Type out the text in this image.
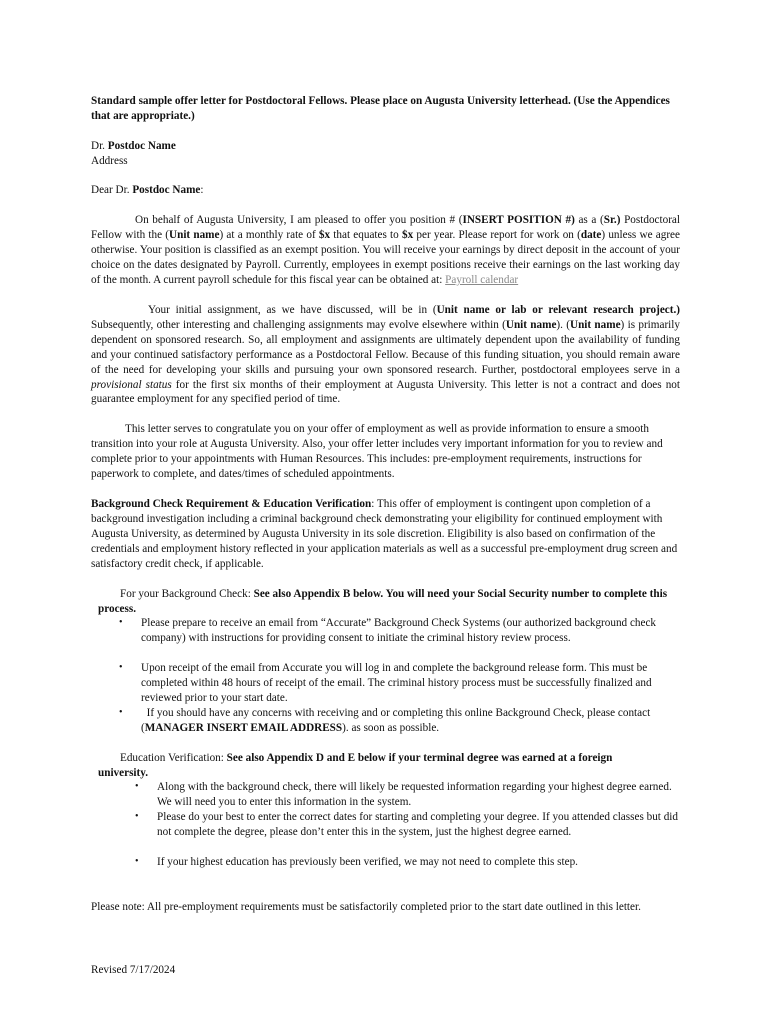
Standard sample offer letter for Postdoctoral Fellows. Please place on Augusta University letterhead. (Use the Appendices that are appropriate.)

Dr. Postdoc Name
Address

Dear Dr. Postdoc Name:

On behalf of Augusta University, I am pleased to offer you position # (INSERT POSITION #) as a (Sr.) Postdoctoral Fellow with the (Unit name) at a monthly rate of $x that equates to $x per year. Please report for work on (date) unless we agree otherwise. Your position is classified as an exempt position. You will receive your earnings by direct deposit in the account of your choice on the dates designated by Payroll. Currently, employees in exempt positions receive their earnings on the last working day of the month. A current payroll schedule for this fiscal year can be obtained at: Payroll calendar

Your initial assignment, as we have discussed, will be in (Unit name or lab or relevant research project.) Subsequently, other interesting and challenging assignments may evolve elsewhere within (Unit name). (Unit name) is primarily dependent on sponsored research. So, all employment and assignments are ultimately dependent upon the availability of funding and your continued satisfactory performance as a Postdoctoral Fellow. Because of this funding situation, you should remain aware of the need for developing your skills and pursuing your own sponsored research. Further, postdoctoral employees serve in a provisional status for the first six months of their employment at Augusta University. This letter is not a contract and does not guarantee employment for any specified period of time.

This letter serves to congratulate you on your offer of employment as well as provide information to ensure a smooth transition into your role at Augusta University. Also, your offer letter includes very important information for you to review and complete prior to your appointments with Human Resources. This includes: pre-employment requirements, instructions for paperwork to complete, and dates/times of scheduled appointments.

Background Check Requirement & Education Verification: This offer of employment is contingent upon completion of a background investigation including a criminal background check demonstrating your eligibility for continued employment with Augusta University, as determined by Augusta University in its sole discretion. Eligibility is also based on confirmation of the credentials and employment history reflected in your application materials as well as a successful pre-employment drug screen and satisfactory credit check, if applicable.

For your Background Check: See also Appendix B below. You will need your Social Security number to complete this process.

• Please prepare to receive an email from “Accurate” Background Check Systems (our authorized background check company) with instructions for providing consent to initiate the criminal history review process.
• Upon receipt of the email from Accurate you will log in and complete the background release form. This must be completed within 48 hours of receipt of the email. The criminal history process must be successfully finalized and reviewed prior to your start date.
• If you should have any concerns with receiving and or completing this online Background Check, please contact (MANAGER INSERT EMAIL ADDRESS). as soon as possible.

Education Verification: See also Appendix D and E below if your terminal degree was earned at a foreign university.

• Along with the background check, there will likely be requested information regarding your highest degree earned. We will need you to enter this information in the system.
• Please do your best to enter the correct dates for starting and completing your degree. If you attended classes but did not complete the degree, please don’t enter this in the system, just the highest degree earned.
• If your highest education has previously been verified, we may not need to complete this step.

Please note: All pre-employment requirements must be satisfactorily completed prior to the start date outlined in this letter.

Revised 7/17/2024
